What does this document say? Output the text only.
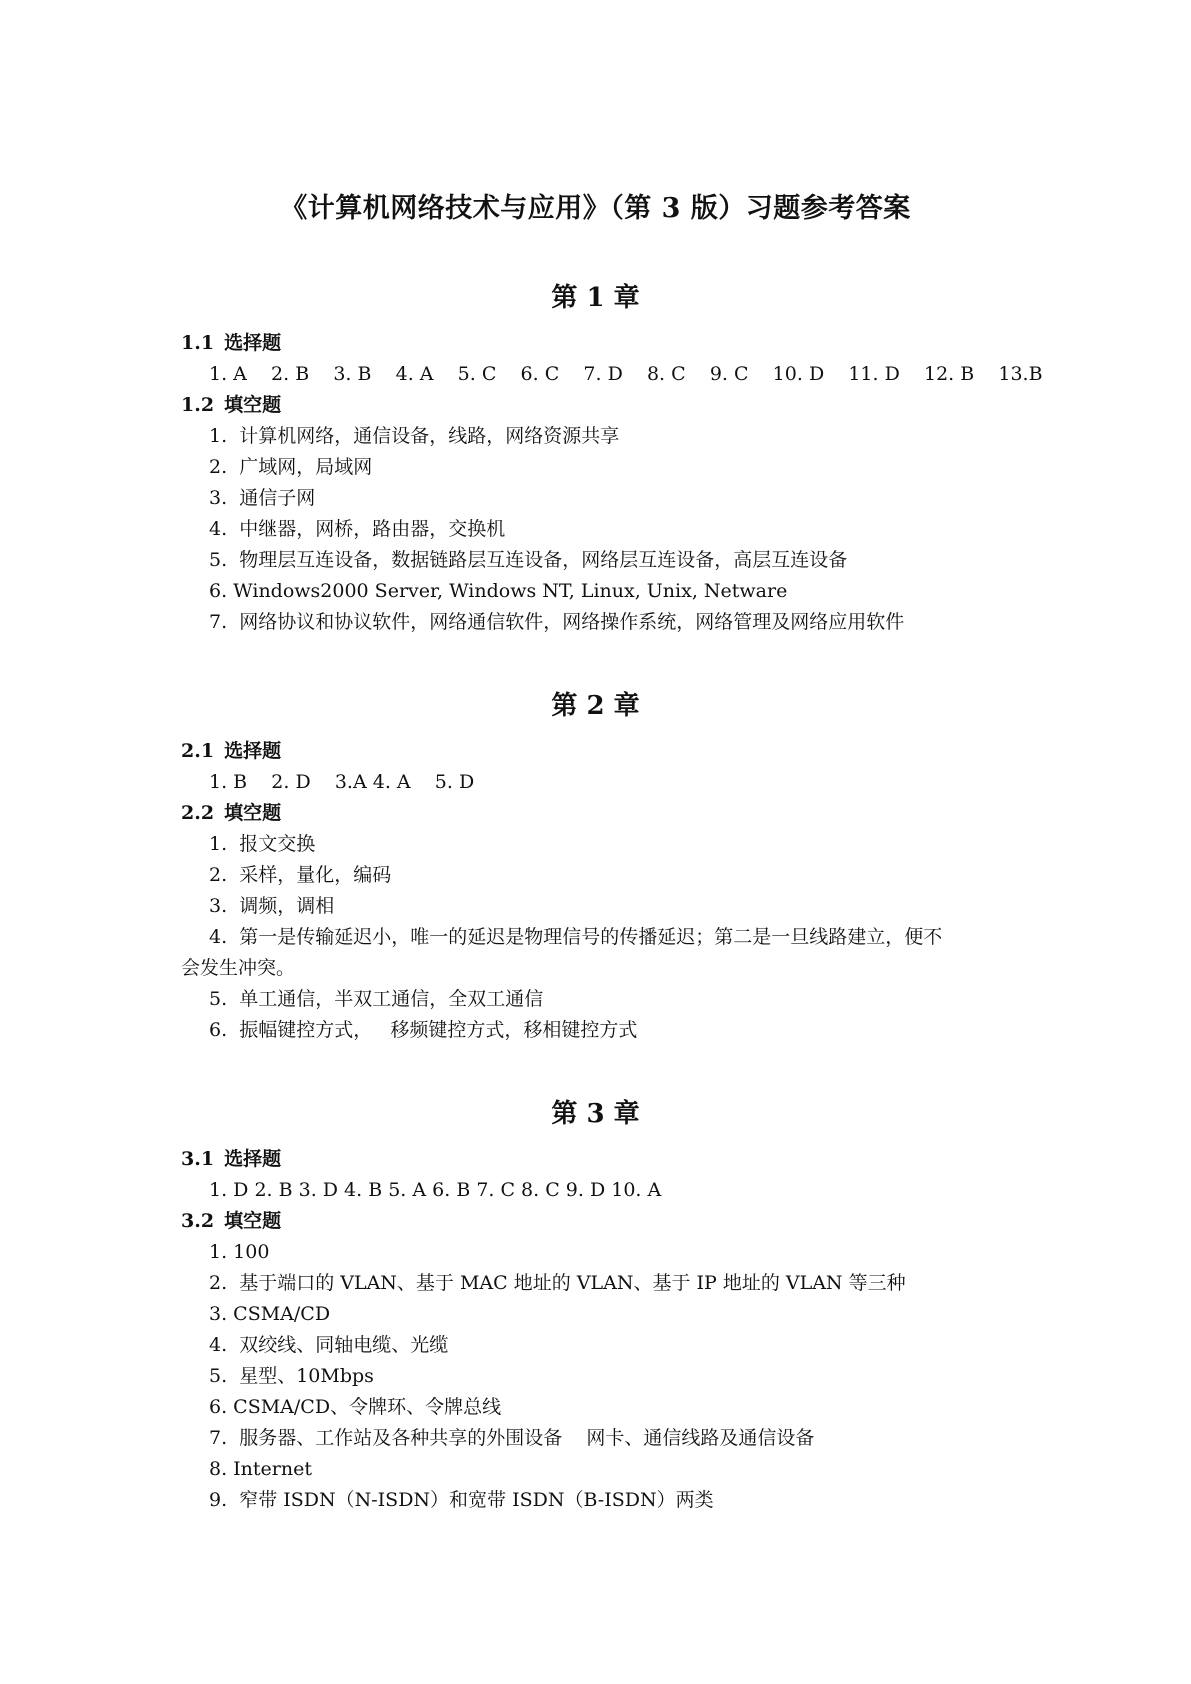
《计算机网络技术与应用》（第 3 版）习题参考答案
第 1 章

1.1 选择题

1. A    2. B    3. B    4. A    5. C    6. C    7. D    8. C    9. C    10. D    11. D    12. B    13.B

1.2 填空题

1.  计算机网络，通信设备，线路，网络资源共享

2.  广域网，局域网

3.  通信子网

4.  中继器，网桥，路由器，交换机

5.  物理层互连设备，数据链路层互连设备，网络层互连设备，高层互连设备

6. Windows2000 Server, Windows NT, Linux, Unix, Netware

7.  网络协议和协议软件，网络通信软件，网络操作系统，网络管理及网络应用软件

第 2 章

2.1 选择题

1. B    2. D    3.A 4. A    5. D

2.2 填空题

1.  报文交换

2.  采样，量化，编码

3.  调频，调相

4.  第一是传输延迟小，唯一的延迟是物理信号的传播延迟；第二是一旦线路建立，便不

会发生冲突。

5.  单工通信，半双工通信，全双工通信

6.  振幅键控方式，   移频键控方式，移相键控方式

第 3 章

3.1 选择题

1. D 2. B 3. D 4. B 5. A 6. B 7. C 8. C 9. D 10. A

3.2 填空题

1. 100

2.  基于端口的 VLAN、基于 MAC 地址的 VLAN、基于 IP 地址的 VLAN 等三种

3. CSMA/CD

4.  双绞线、同轴电缆、光缆

5.  星型、10Mbps

6. CSMA/CD、令牌环、令牌总线

7.  服务器、工作站及各种共享的外围设备    网卡、通信线路及通信设备

8. Internet

9.  窄带 ISDN（N-ISDN）和宽带 ISDN（B-ISDN）两类
